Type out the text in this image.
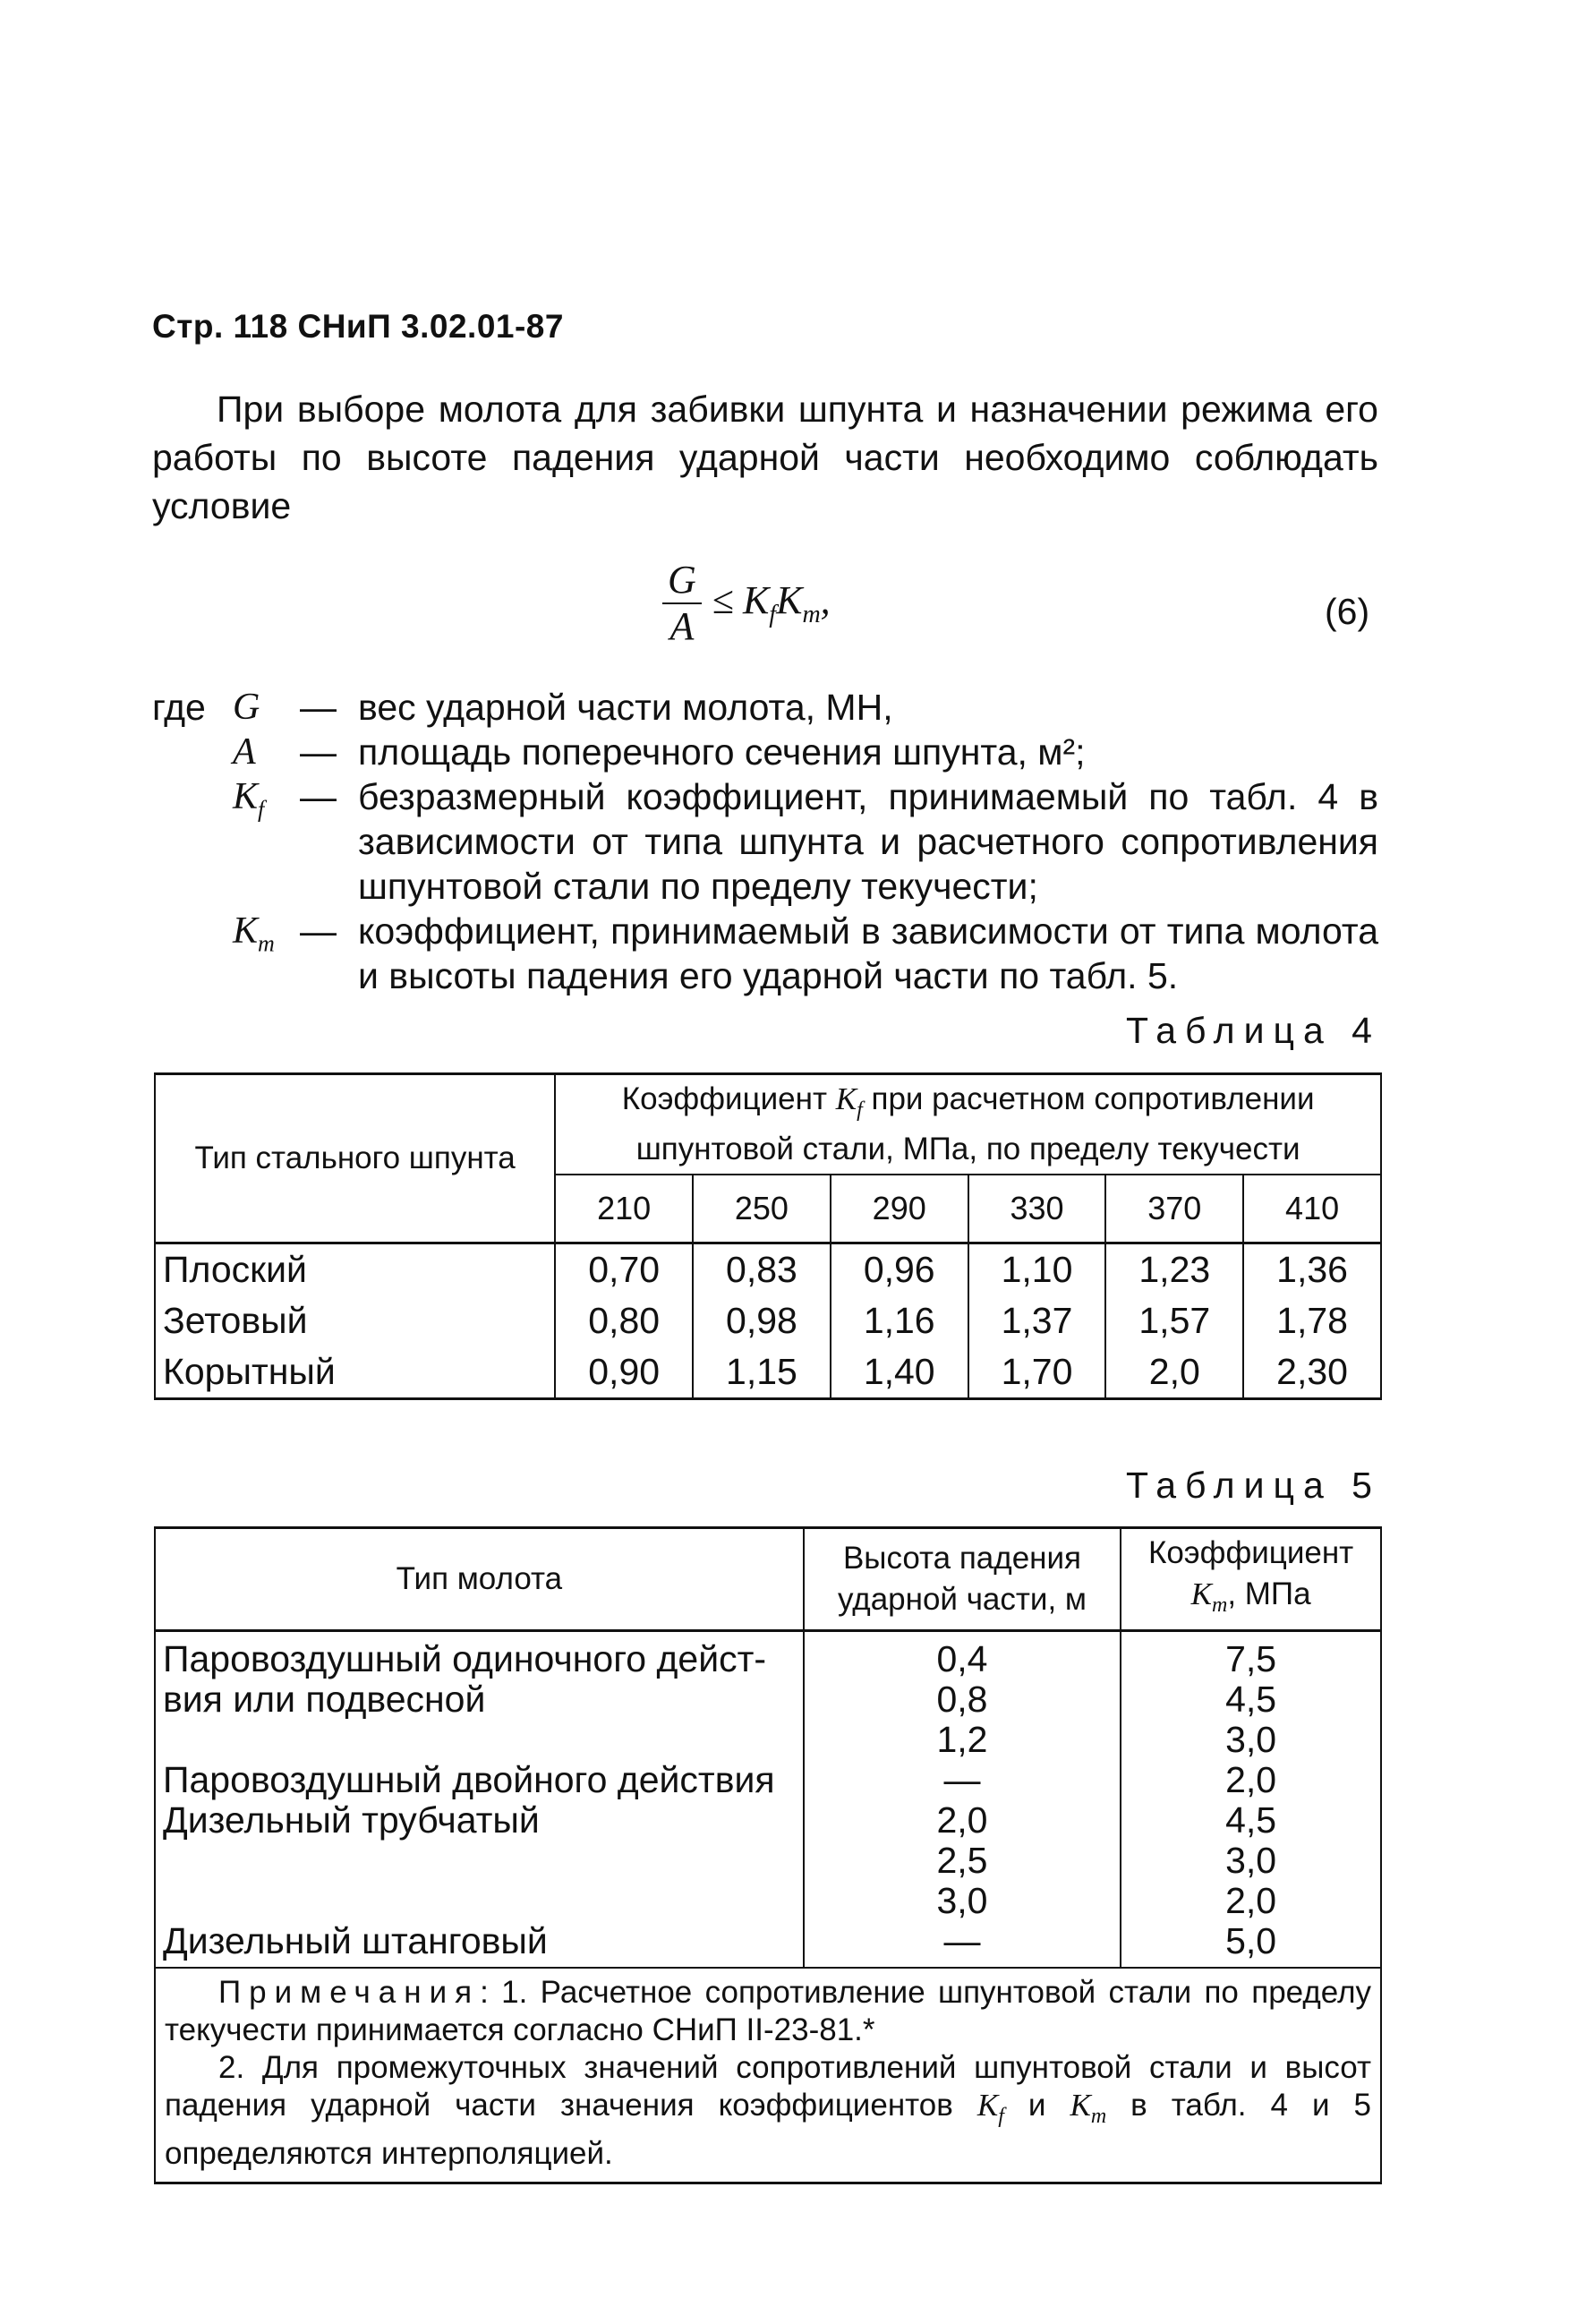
Стр. 118 СНиП 3.02.01-87

При выборе молота для забивки шпунта и назначении режима его работы по высоте падения ударной части необходимо соблюдать условие

$\frac{G}{A} \le K_fK_m$,	(6)
где G	— вес ударной части молота, МН,
A	— площадь поперечного сечения шпунта, м²;
$K_f$ — безразмерный коэффициент, принимаемый по табл. 4 в зависимости от типа шпунта и расчетного сопротивления шпунтовой стали по пределу текучести;
$K_m$ — коэффициент, принимаемый в зависимости от типа молота и высоты падения его ударной части по табл. 5.
Таблица 4
Тип стального шпунта	Коэффициент $K_f$ при расчетном сопротивлении шпунтовой стали, МПа, по пределу текучести					
	210	250	290	330	370	410
Плоский	0,70	0,83	0,96	1,10	1,23	1,36
Зетовый	0,80	0,98	1,16	1,37	1,57	1,78
Корытный	0,90	1,15	1,40	1,70	2,0	2,30
Таблица 5
Тип молота	Высота падения ударной части, м	Коэффициент
$K_m$, МПа
Паровоздушный одиночного дейст-	0,4	7,5
вия или подвесной	0,8	4,5
	1,2	3,0
Паровоздушный двойного действия	—	2,0
Дизельный трубчатый	2,0	4,5
	2,5	3,0
	3,0	2,0
Дизельный штанговый	—	5,0

Примечания: 1. Расчетное сопротивление шпунтовой стали по пределу текучести принимается согласно СНиП II-23-81.*

2. Для промежуточных значений сопротивлений шпунтовой стали и высот падения ударной части значения коэффициентов $K_f$ и $K_m$ в табл. 4 и 5 определяются интерполяцией.		
